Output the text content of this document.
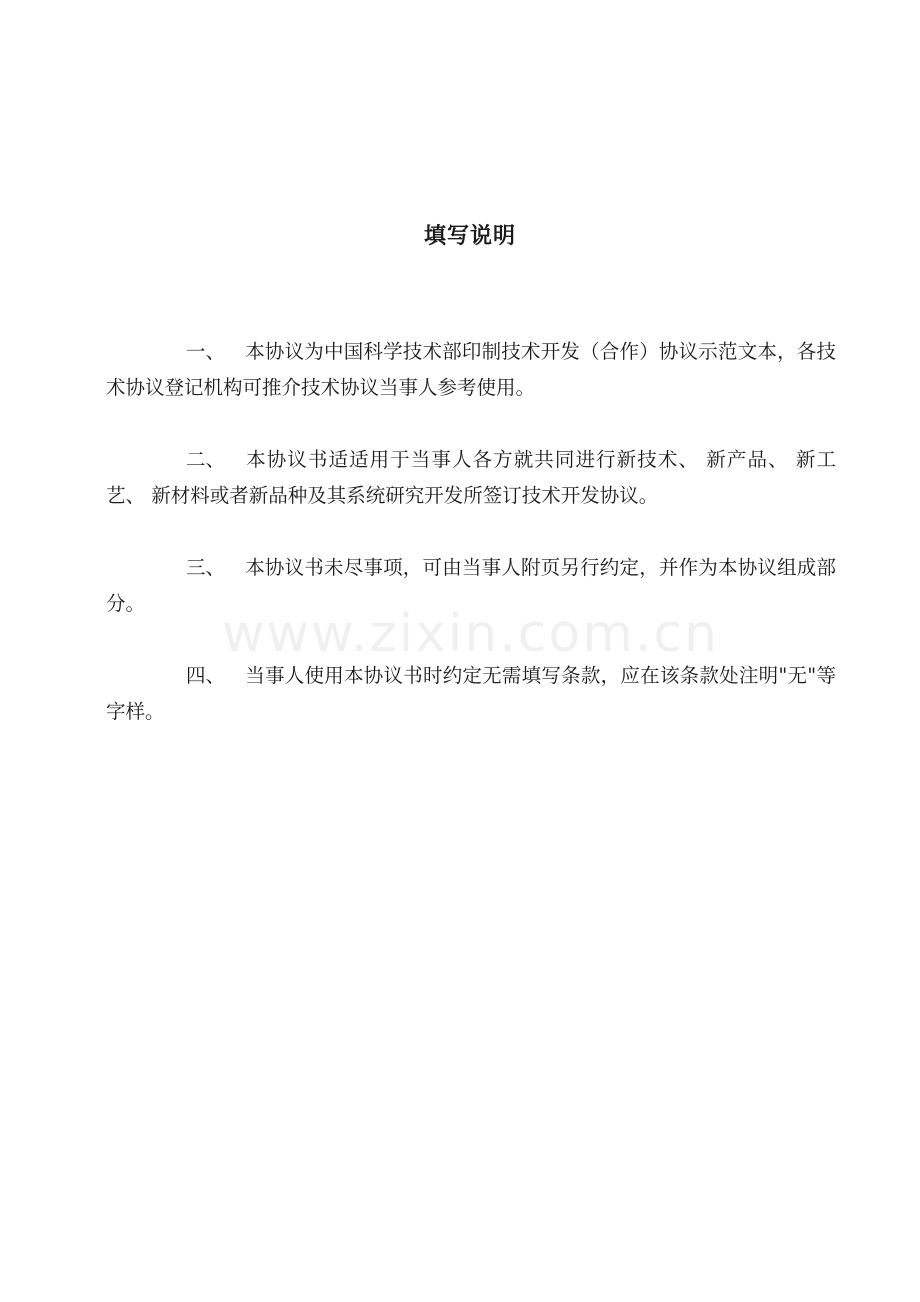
www.zixin.com.cn
填写说明

一、 本协议为中国科学技术部印制技术开发（合作）协议示范文本，各技术协议登记机构可推介技术协议当事人参考使用。

二、 本协议书适适用于当事人各方就共同进行新技术、 新产品、 新工艺、 新材料或者新品种及其系统研究开发所签订技术开发协议。

三、 本协议书未尽事项，可由当事人附页另行约定，并作为本协议组成部分。

四、 当事人使用本协议书时约定无需填写条款，应在该条款处注明"无"等字样。
